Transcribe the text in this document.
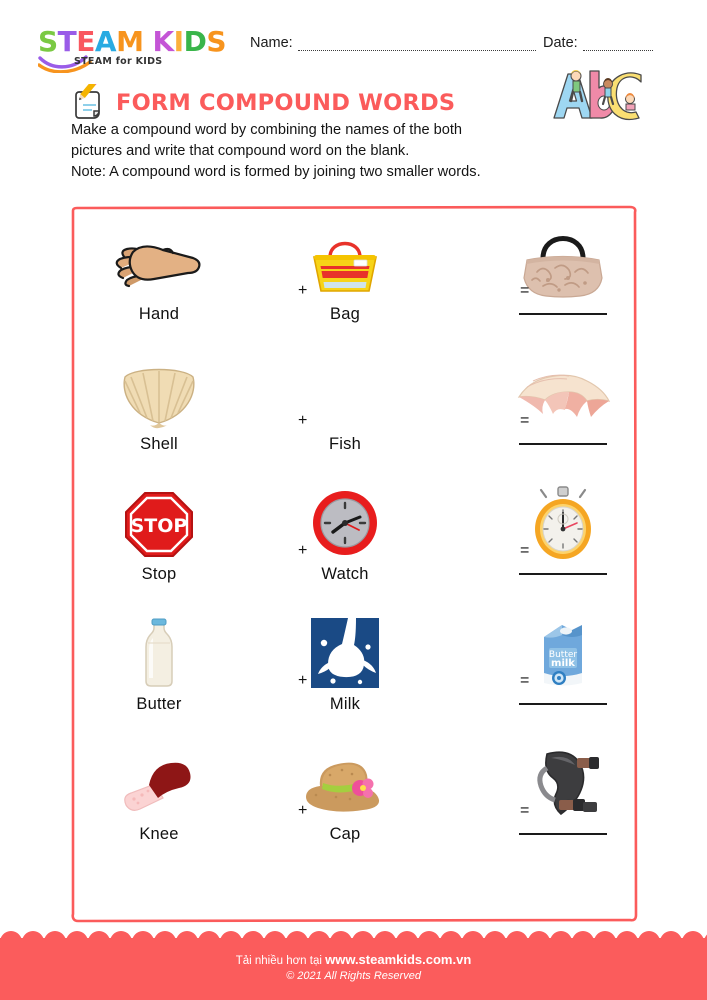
STEAM KIDS
STEAM for KIDS
Name:	Date:
FORM COMPOUND WORDS
Make a compound word by combining the names of the both
pictures and write that compound word on the blank.
Note: A compound word is formed by joining two smaller words.
Hand	Bag
+	=
Shell	Fish
+	=
STOP
Stop	Watch
+	=
Butter	Milk
Butter
milk
+	=
Knee	Cap
+	=
Tải nhiều hơn tại www.steamkids.com.vn
© 2021 All Rights Reserved
